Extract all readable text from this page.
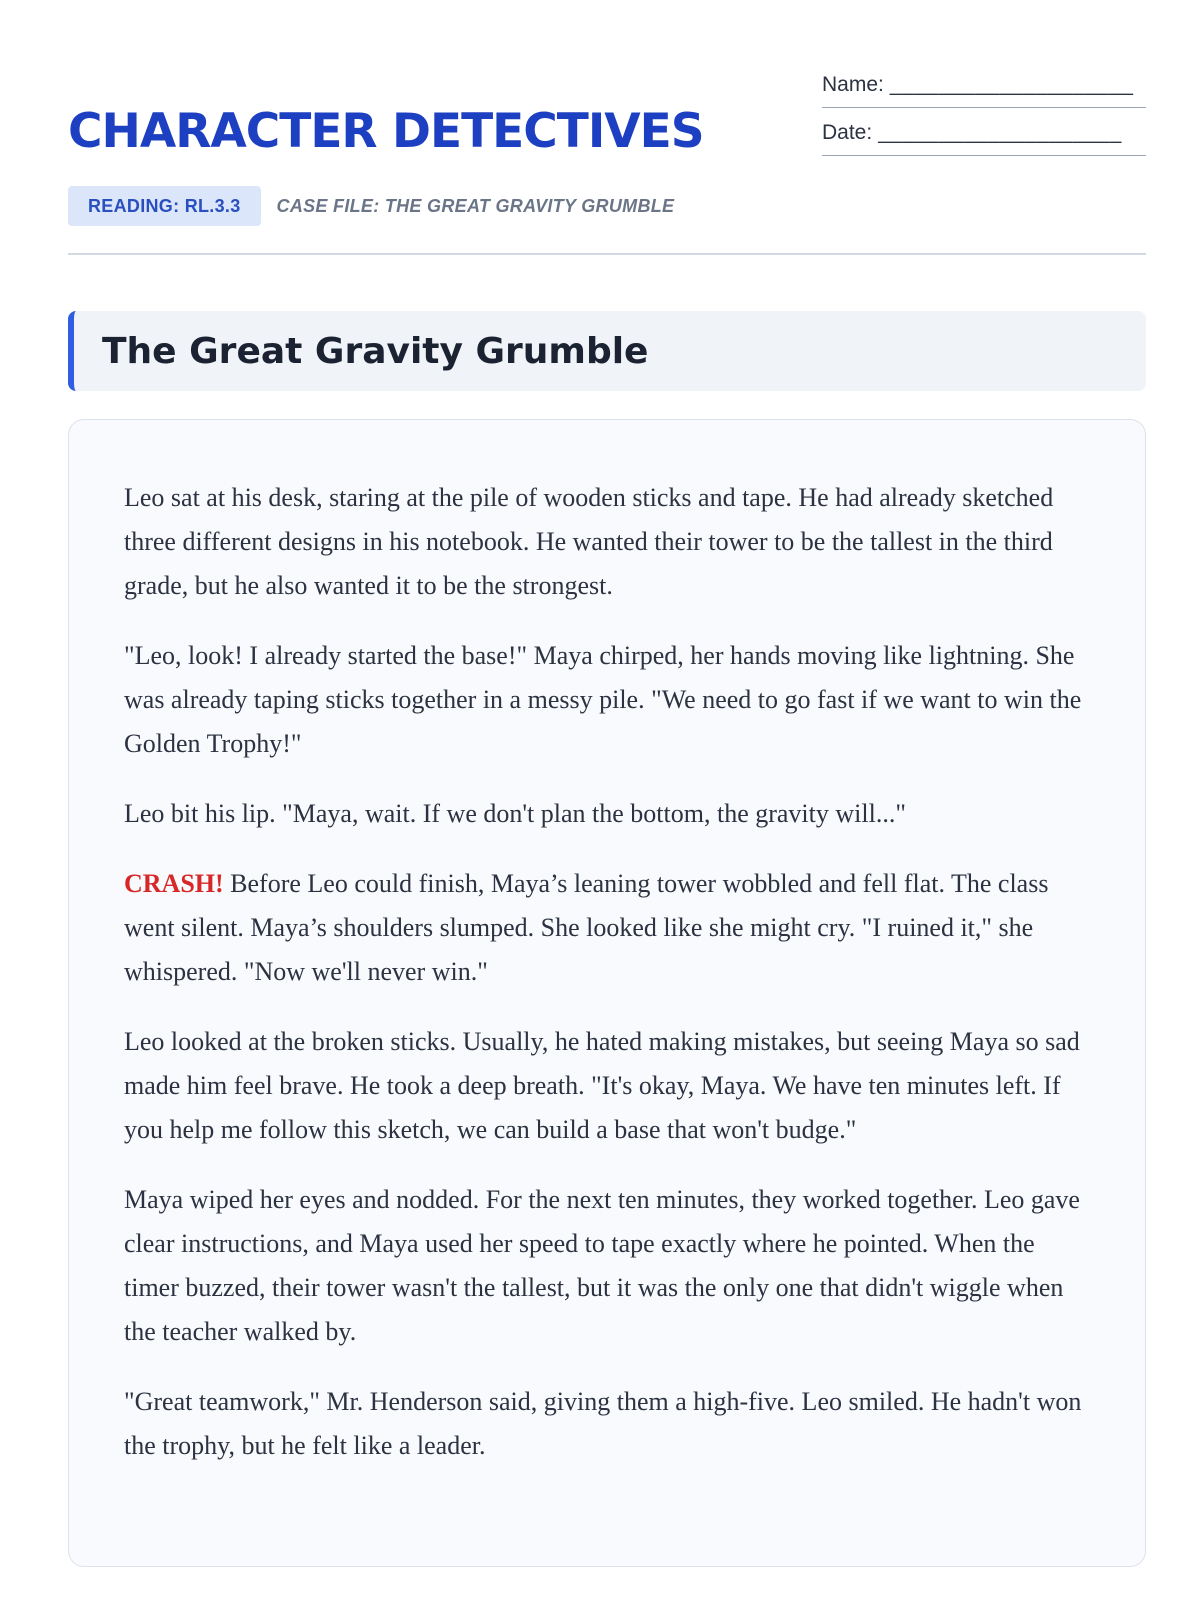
CHARACTER DETECTIVES
Name: ____________________
Date: ____________________
READING: RL.3.3	CASE FILE: THE GREAT GRAVITY GRUMBLE
The Great Gravity Grumble

Leo sat at his desk, staring at the pile of wooden sticks and tape. He had already sketched three different designs in his notebook. He wanted their tower to be the tallest in the third grade, but he also wanted it to be the strongest.

"Leo, look! I already started the base!" Maya chirped, her hands moving like lightning. She was already taping sticks together in a messy pile. "We need to go fast if we want to win the Golden Trophy!"

Leo bit his lip. "Maya, wait. If we don't plan the bottom, the gravity will..."

CRASH! Before Leo could finish, Maya’s leaning tower wobbled and fell flat. The class went silent. Maya’s shoulders slumped. She looked like she might cry. "I ruined it," she whispered. "Now we'll never win."

Leo looked at the broken sticks. Usually, he hated making mistakes, but seeing Maya so sad made him feel brave. He took a deep breath. "It's okay, Maya. We have ten minutes left. If you help me follow this sketch, we can build a base that won't budge."

Maya wiped her eyes and nodded. For the next ten minutes, they worked together. Leo gave clear instructions, and Maya used her speed to tape exactly where he pointed. When the timer buzzed, their tower wasn't the tallest, but it was the only one that didn't wiggle when the teacher walked by.

"Great teamwork," Mr. Henderson said, giving them a high-five. Leo smiled. He hadn't won the trophy, but he felt like a leader.
